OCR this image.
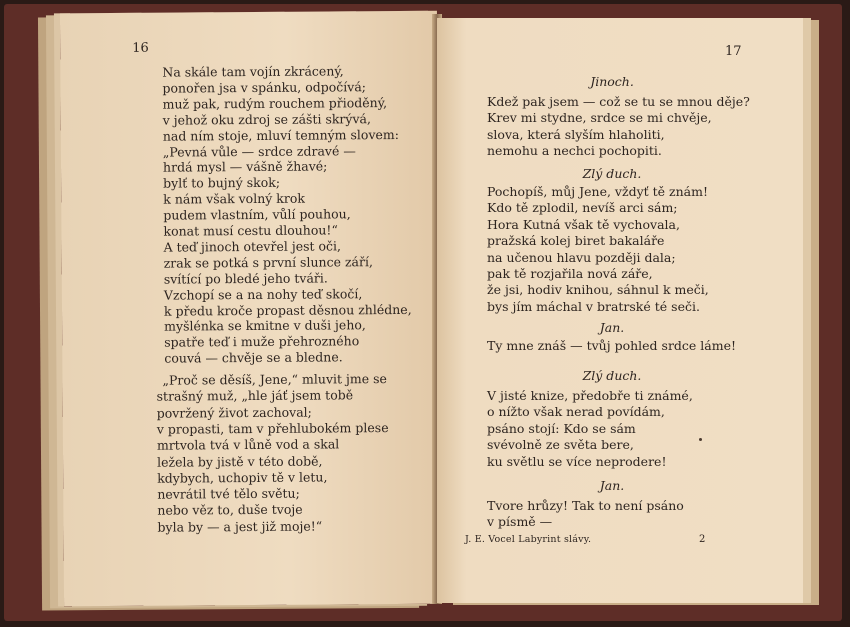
16
Na skále tam vojín zkrácený,
ponořen jsa v spánku, odpočívá;
muž pak, rudým rouchem přioděný,
v jehož oku zdroj se zášti skrývá,
nad ním stoje, mluví temným slovem:
„Pevná vůle — srdce zdravé —
hrdá mysl — vášně žhavé;
bylť to bujný skok;
k nám však volný krok
pudem vlastním, vůlí pouhou,
konat musí cestu dlouhou!“
A teď jinoch otevřel jest oči,
zrak se potká s první slunce září,
svítící po bledé jeho tváři.
Vzchopí se a na nohy teď skočí,
k předu kroče propast děsnou zhlédne,
myšlénka se kmitne v duši jeho,
spatře teď i muže přehrozného
couvá — chvěje se a bledne.
„Proč se děsíš, Jene,“ mluvit jme se
strašný muž, „hle jáť jsem tobě
povržený život zachoval;
v propasti, tam v přehlubokém plese
mrtvola tvá v lůně vod a skal
ležela by jistě v této době,
kdybych, uchopiv tě v letu,
nevrátil tvé tělo světu;
nebo věz to, duše tvoje
byla by — a jest již moje!“
17
Jinoch.
Kdež pak jsem — což se tu se mnou děje?
Krev mi stydne, srdce se mi chvěje,
slova, která slyším hlaholiti,
nemohu a nechci pochopiti.
Zlý duch.
Pochopíš, můj Jene, vždyť tě znám!
Kdo tě zplodil, nevíš arci sám;
Hora Kutná však tě vychovala,
pražská kolej biret bakaláře
na učenou hlavu později dala;
pak tě rozjařila nová záře,
že jsi, hodiv knihou, sáhnul k meči,
bys jím máchal v bratrské té seči.
Jan.
Ty mne znáš — tvůj pohled srdce láme!
Zlý duch.
V jisté knize, předobře ti známé,
o nížto však nerad povídám,
psáno stojí: Kdo se sám
svévolně ze světa bere,
ku světlu se více neprodere!
Jan.
Tvore hrůzy! Tak to není psáno
v písmě —
J. E. Vocel Labyrint slávy.	2
